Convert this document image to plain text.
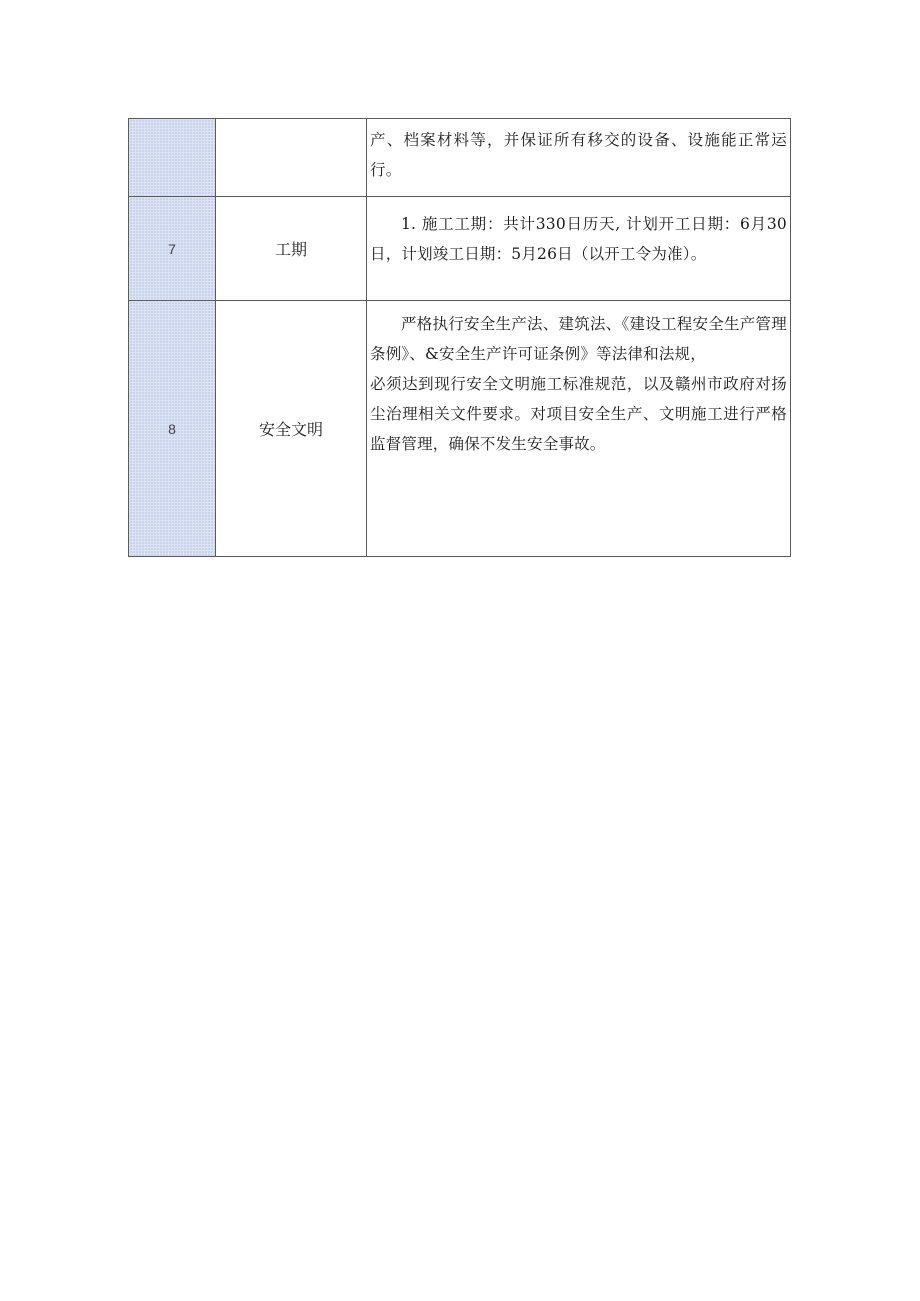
		产、档案材料等，并保证所有移交的设备、设施能正常运行。

7	工期	1. 施工工期：共计330日历天, 计划开工日期：6月30日，计划竣工日期：5月26日（以开工令为准）。

8	安全文明	严格执行安全生产法、建筑法、《建设工程安全生产管理条例》、&安全生产许可证条例》等法律和法规，

必须达到现行安全文明施工标准规范，以及赣州市政府对扬尘治理相关文件要求。对项目安全生产、文明施工进行严格监督管理，确保不发生安全事故。
